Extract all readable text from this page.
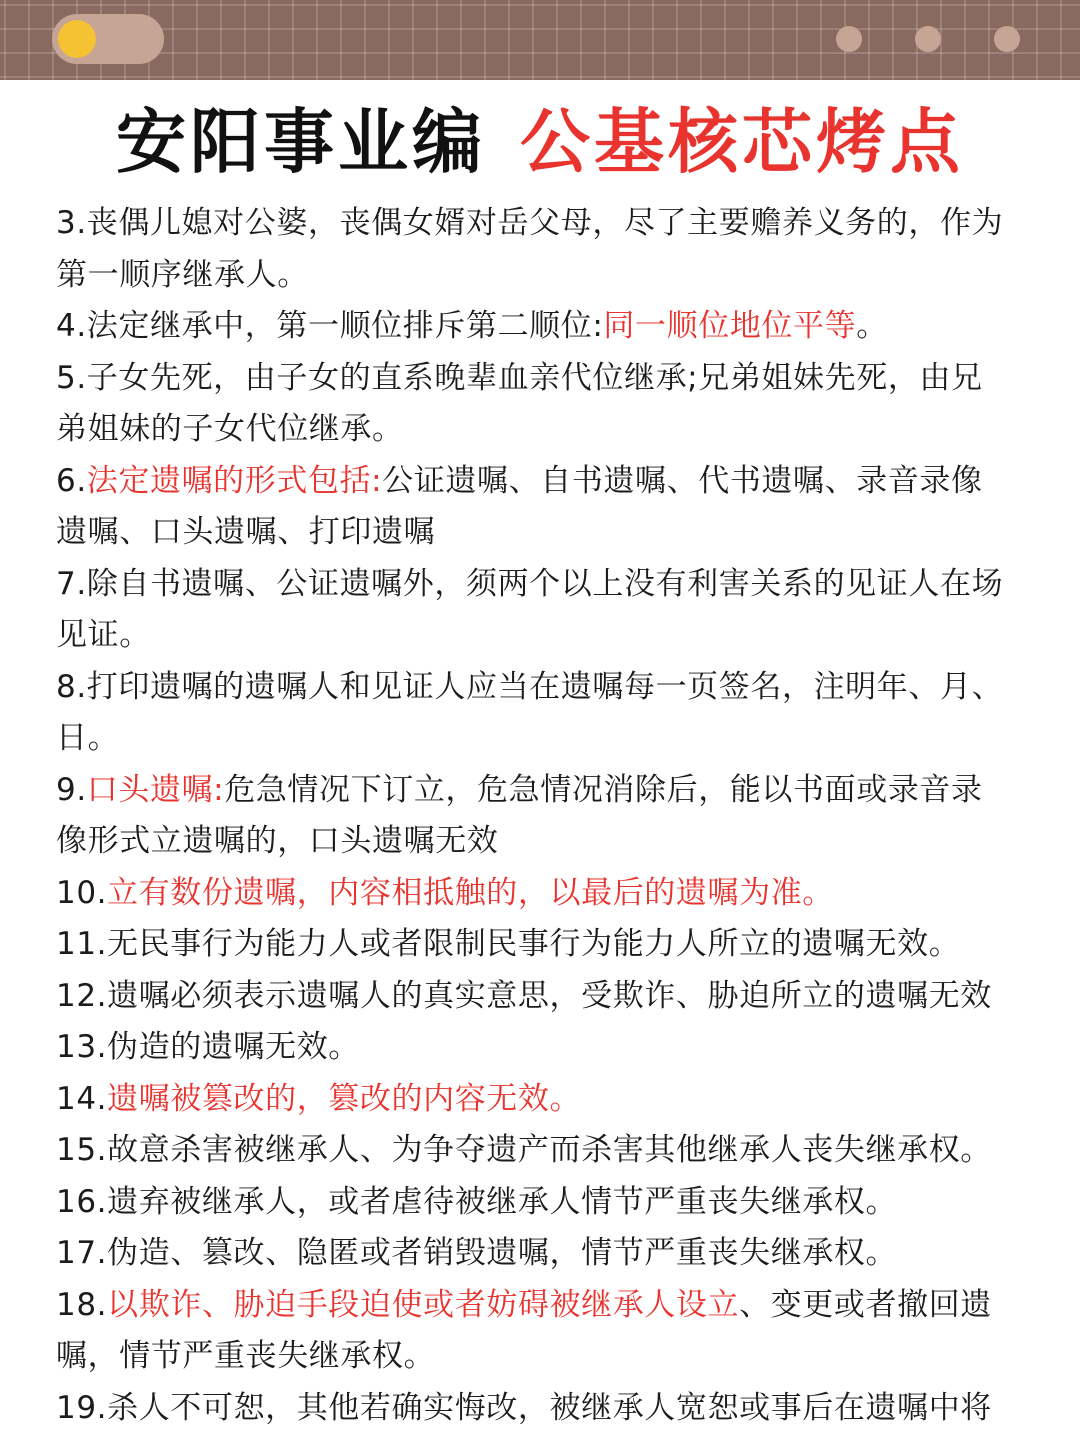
安阳事业编 公基核芯烤点
3.丧偶儿媳对公婆，丧偶女婿对岳父母，尽了主要赡养义务的，作为
第一顺序继承人。
4.法定继承中，第一顺位排斥第二顺位:同一顺位地位平等。
5.子女先死，由子女的直系晚辈血亲代位继承;兄弟姐妹先死，由兄
弟姐妹的子女代位继承。
6.法定遗嘱的形式包括:公证遗嘱、自书遗嘱、代书遗嘱、录音录像
遗嘱、口头遗嘱、打印遗嘱
7.除自书遗嘱、公证遗嘱外，须两个以上没有利害关系的见证人在场
见证。
8.打印遗嘱的遗嘱人和见证人应当在遗嘱每一页签名，注明年、月、
日。
9.口头遗嘱:危急情况下订立，危急情况消除后，能以书面或录音录
像形式立遗嘱的，口头遗嘱无效
10.立有数份遗嘱，内容相抵触的，以最后的遗嘱为准。
11.无民事行为能力人或者限制民事行为能力人所立的遗嘱无效。
12.遗嘱必须表示遗嘱人的真实意思，受欺诈、胁迫所立的遗嘱无效
13.伪造的遗嘱无效。
14.遗嘱被篡改的，篡改的内容无效。
15.故意杀害被继承人、为争夺遗产而杀害其他继承人丧失继承权。
16.遗弃被继承人，或者虐待被继承人情节严重丧失继承权。
17.伪造、篡改、隐匿或者销毁遗嘱，情节严重丧失继承权。
18.以欺诈、胁迫手段迫使或者妨碍被继承人设立、变更或者撤回遗
嘱，情节严重丧失继承权。
19.杀人不可恕，其他若确实悔改，被继承人宽恕或事后在遗嘱中将
